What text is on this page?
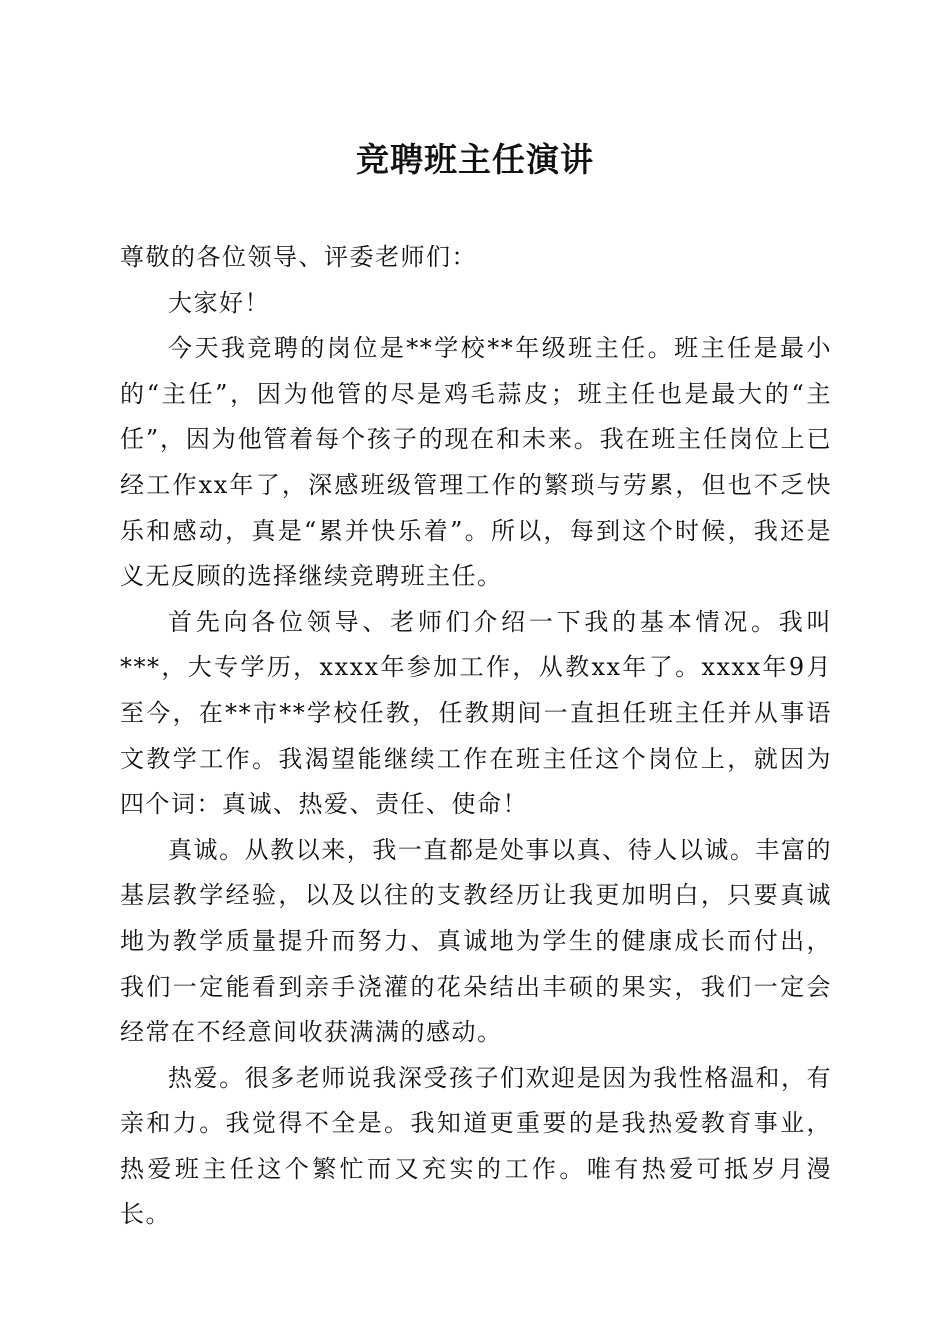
竞聘班主任演讲

尊敬的各位领导、评委老师们：

大家好！

今天我竞聘的岗位是**学校**年级班主任。班主任是最小的“主任”，因为他管的尽是鸡毛蒜皮；班主任也是最大的“主任”，因为他管着每个孩子的现在和未来。我在班主任岗位上已经工作xx年了，深感班级管理工作的繁琐与劳累，但也不乏快乐和感动，真是“累并快乐着”。所以，每到这个时候，我还是义无反顾的选择继续竞聘班主任。

首先向各位领导、老师们介绍一下我的基本情况。我叫***，大专学历，xxxx年参加工作，从教xx年了。xxxx年9月至今，在**市**学校任教，任教期间一直担任班主任并从事语文教学工作。我渴望能继续工作在班主任这个岗位上，就因为四个词：真诚、热爱、责任、使命！

真诚。从教以来，我一直都是处事以真、待人以诚。丰富的基层教学经验，以及以往的支教经历让我更加明白，只要真诚地为教学质量提升而努力、真诚地为学生的健康成长而付出，我们一定能看到亲手浇灌的花朵结出丰硕的果实，我们一定会经常在不经意间收获满满的感动。

热爱。很多老师说我深受孩子们欢迎是因为我性格温和，有亲和力。我觉得不全是。我知道更重要的是我热爱教育事业，热爱班主任这个繁忙而又充实的工作。唯有热爱可抵岁月漫长。
